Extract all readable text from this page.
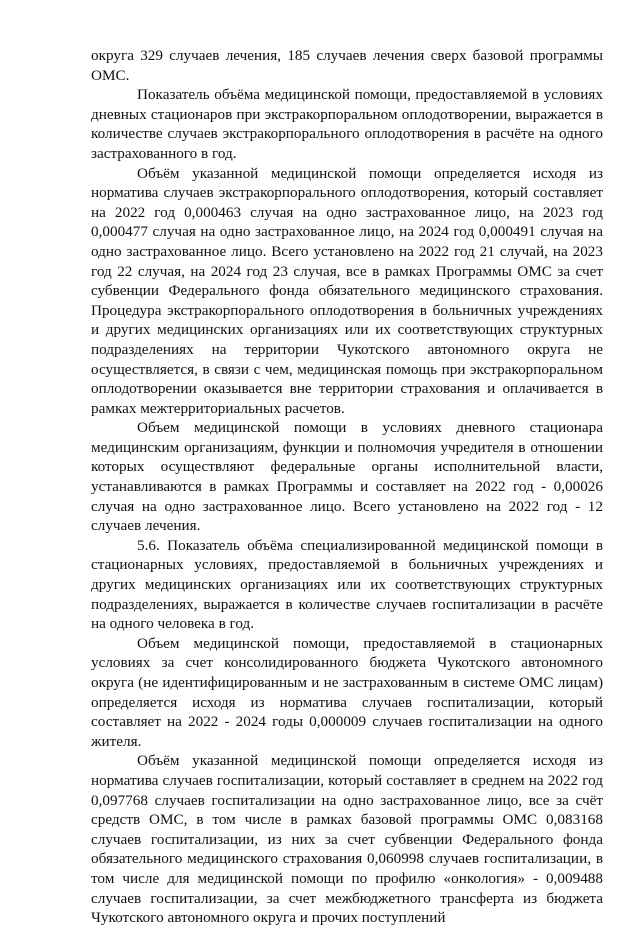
округа 329 случаев лечения, 185 случаев лечения сверх базовой программы ОМС.

Показатель объёма медицинской помощи, предоставляемой в условиях дневных стационаров при экстракорпоральном оплодотворении, выражается в количестве случаев экстракорпорального оплодотворения в расчёте на одного застрахованного в год.

Объём указанной медицинской помощи определяется исходя из норматива случаев экстракорпорального оплодотворения, который составляет на 2022 год 0,000463 случая на одно застрахованное лицо, на 2023 год 0,000477 случая на одно застрахованное лицо, на 2024 год 0,000491 случая на одно застрахованное лицо. Всего установлено на 2022 год 21 случай, на 2023 год 22 случая, на 2024 год 23 случая, все в рамках Программы ОМС за счет субвенции Федерального фонда обязательного медицинского страхования. Процедура экстракорпорального оплодотворения в больничных учреждениях и других медицинских организациях или их соответствующих структурных подразделениях на территории Чукотского автономного округа не осуществляется, в связи с чем, медицинская помощь при экстракорпоральном оплодотворении оказывается вне территории страхования и оплачивается в рамках межтерриториальных расчетов.

Объем медицинской помощи в условиях дневного стационара медицинским организациям, функции и полномочия учредителя в отношении которых осуществляют федеральные органы исполнительной власти, устанавливаются в рамках Программы и составляет на 2022 год - 0,00026 случая на одно застрахованное лицо. Всего установлено на 2022 год - 12 случаев лечения.

5.6. Показатель объёма специализированной медицинской помощи в стационарных условиях, предоставляемой в больничных учреждениях и других медицинских организациях или их соответствующих структурных подразделениях, выражается в количестве случаев госпитализации в расчёте на одного человека в год.

Объем медицинской помощи, предоставляемой в стационарных условиях за счет консолидированного бюджета Чукотского автономного округа (не идентифицированным и не застрахованным в системе ОМС лицам) определяется исходя из норматива случаев госпитализации, который составляет на 2022 - 2024 годы 0,000009 случаев госпитализации на одного жителя.

Объём указанной медицинской помощи определяется исходя из норматива случаев госпитализации, который составляет в среднем на 2022 год 0,097768 случаев госпитализации на одно застрахованное лицо, все за счёт средств ОМС, в том числе в рамках базовой программы ОМС 0,083168 случаев госпитализации, из них за счет субвенции Федерального фонда обязательного медицинского страхования 0,060998 случаев госпитализации, в том числе для медицинской помощи по профилю «онкология» - 0,009488 случаев госпитализации, за счет межбюджетного трансферта из бюджета Чукотского автономного округа и прочих поступлений
